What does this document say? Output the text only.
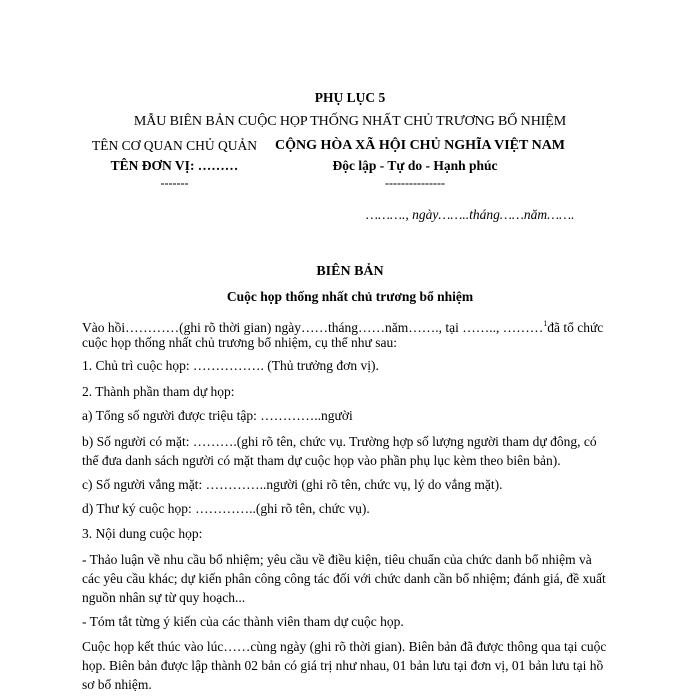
PHỤ LỤC 5
MẪU BIÊN BẢN CUỘC HỌP THỐNG NHẤT CHỦ TRƯƠNG BỔ NHIỆM
TÊN CƠ QUAN CHỦ QUẢN
TÊN ĐƠN VỊ: ………
-------
CỘNG HÒA XÃ HỘI CHỦ NGHĨA VIỆT NAM
Độc lập - Tự do - Hạnh phúc
---------------
………., ngày……..tháng……năm…….
BIÊN BẢN
Cuộc họp thống nhất chủ trương bổ nhiệm
Vào hồi…………(ghi rõ thời gian) ngày……tháng……năm……., tại …….., ………$^1$đã tổ chức
cuộc họp thống nhất chủ trương bổ nhiệm, cụ thể như sau:
1. Chủ trì cuộc họp: ……………. (Thủ trưởng đơn vị).
2. Thành phần tham dự họp:
a) Tổng số người được triệu tập: …………..người
b) Số người có mặt: ……….(ghi rõ tên, chức vụ. Trường hợp số lượng người tham dự đông, có
thể đưa danh sách người có mặt tham dự cuộc họp vào phần phụ lục kèm theo biên bản).
c) Số người vắng mặt: …………..người (ghi rõ tên, chức vụ, lý do vắng mặt).
d) Thư ký cuộc họp: …………..(ghi rõ tên, chức vụ).
3. Nội dung cuộc họp:
- Thảo luận về nhu cầu bổ nhiệm; yêu cầu về điều kiện, tiêu chuẩn của chức danh bổ nhiệm và
các yêu cầu khác; dự kiến phân công công tác đối với chức danh cần bổ nhiệm; đánh giá, đề xuất
nguồn nhân sự từ quy hoạch...
- Tóm tắt từng ý kiến của các thành viên tham dự cuộc họp.
Cuộc họp kết thúc vào lúc……cùng ngày (ghi rõ thời gian). Biên bản đã được thông qua tại cuộc
họp. Biên bản được lập thành 02 bản có giá trị như nhau, 01 bản lưu tại đơn vị, 01 bản lưu tại hồ
sơ bổ nhiệm.
